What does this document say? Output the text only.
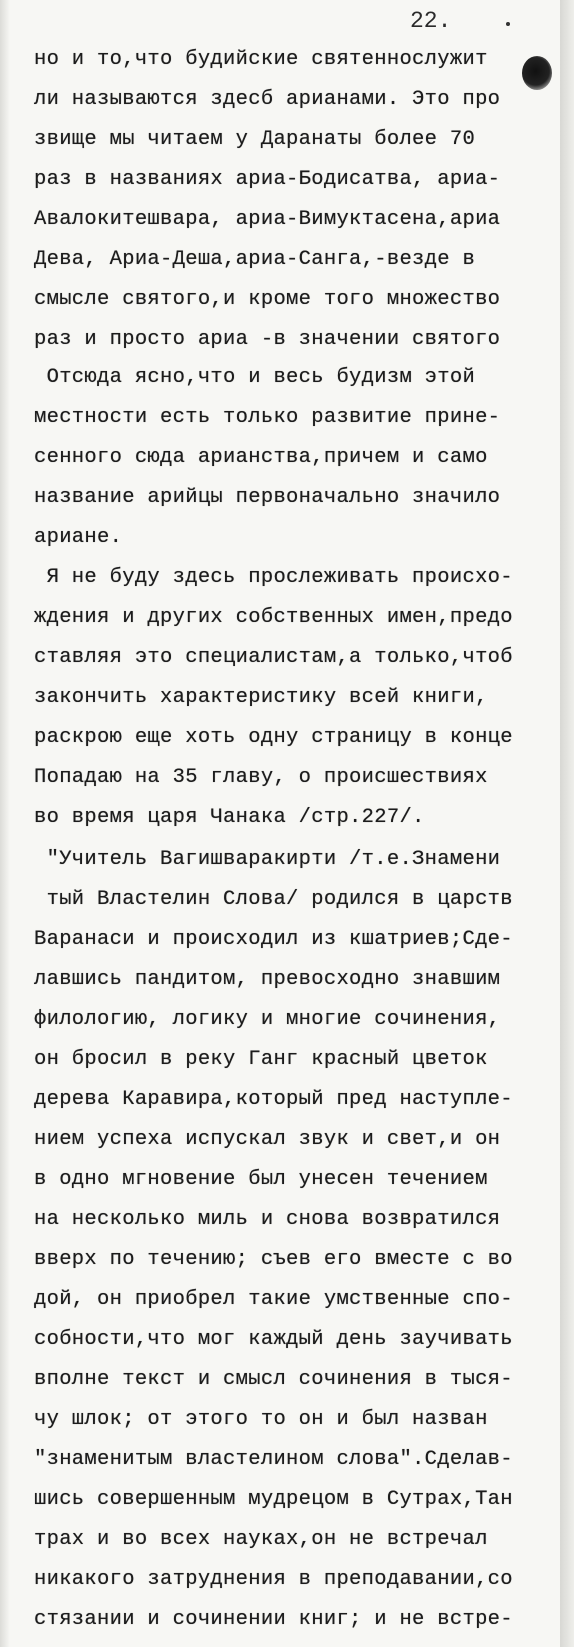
22.
но и то,что будийские святеннослужит
ли называются здесб арианами. Это про
звище мы читаем у Даранаты более 70
раз в названиях ариа-Бодисатва, ариа-
Авалокитешвара, ариа-Вимуктасена,ариа
Дева, Ариа-Деша,ариа-Санга,-везде в
смысле святого,и кроме того множество
раз и просто ариа -в значении святого
Отсюда ясно,что и весь будизм этой
местности есть только развитие прине-
сенного сюда арианства,причем и само
название арийцы первоначально значило
ариане.
Я не буду здесь прослеживать происхо-
ждения и других собственных имен,предо
ставляя это специалистам,а только,чтоб
закончить характеристику всей книги,
раскрою еще хоть одну страницу в конце
Попадаю на 35 главу, о происшествиях
во время царя Чанака /стр.227/.
"Учитель Вагишваракирти /т.е.Знамени
тый Властелин Слова/ родился в царств
Варанаси и происходил из кшатриев;Сде-
лавшись пандитом, превосходно знавшим
филологию, логику и многие сочинения,
он бросил в реку Ганг красный цветок
дерева Каравира,который пред наступле-
нием успеха испускал звук и свет,и он
в одно мгновение был унесен течением
на несколько миль и снова возвратился
вверх по течению; съев его вместе с во
дой, он приобрел такие умственные спо-
собности,что мог каждый день заучивать
вполне текст и смысл сочинения в тыся-
чу шлок; от этого то он и был назван
"знаменитым властелином слова".Сделав-
шись совершенным мудрецом в Сутрах,Тан
трах и во всех науках,он не встречал
никакого затруднения в преподавании,со
стязании и сочинении книг; и не встре-
